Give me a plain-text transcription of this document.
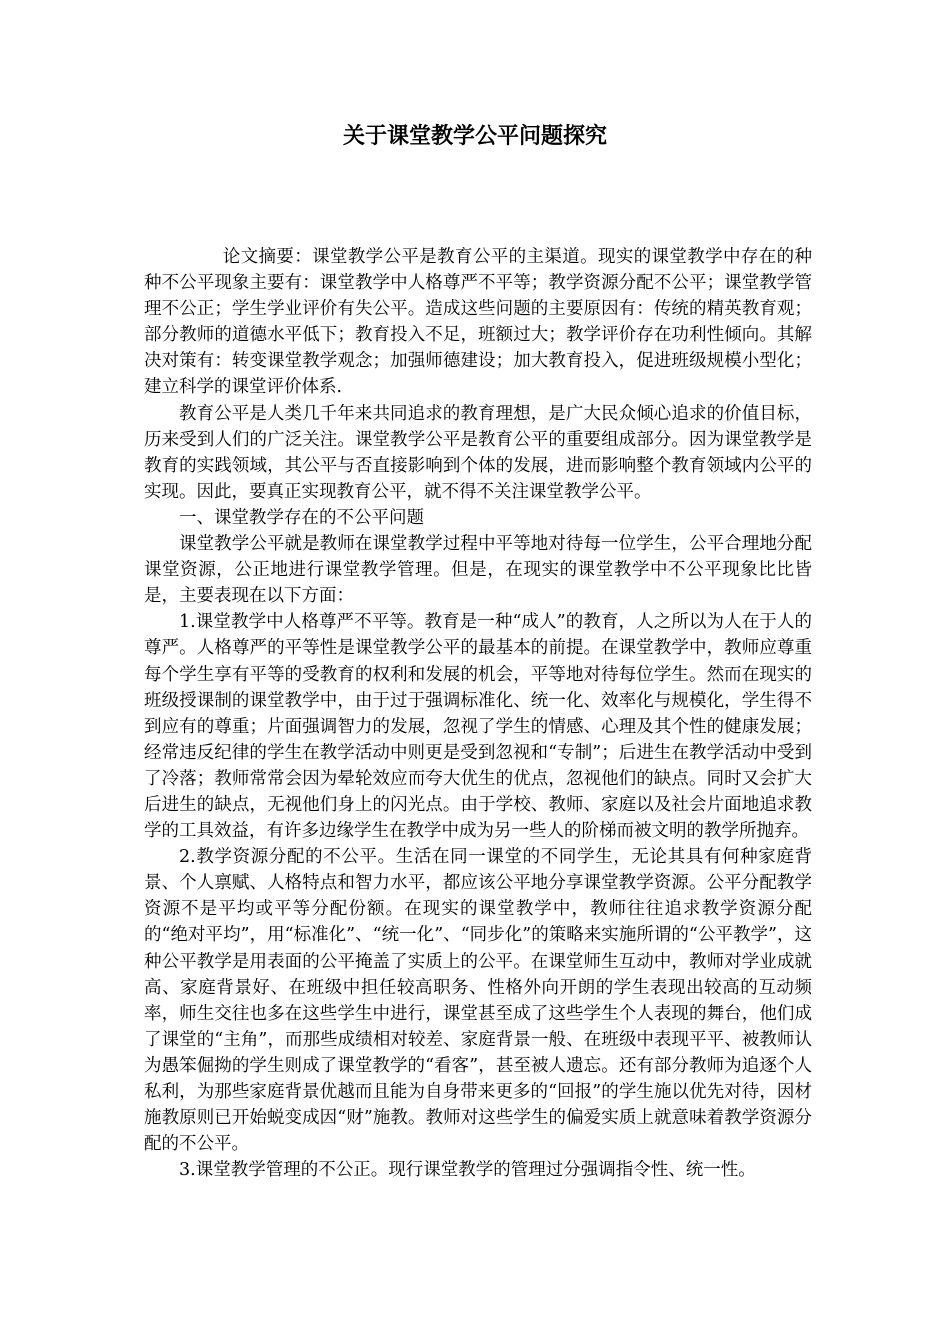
关于课堂教学公平问题探究

论文摘要：课堂教学公平是教育公平的主渠道。现实的课堂教学中存在的种种不公平现象主要有：课堂教学中人格尊严不平等；教学资源分配不公平；课堂教学管理不公正；学生学业评价有失公平。造成这些问题的主要原因有：传统的精英教育观；部分教师的道德水平低下；教育投入不足，班额过大；教学评价存在功利性倾向。其解决对策有：转变课堂教学观念；加强师德建设；加大教育投入，促进班级规模小型化；建立科学的课堂评价体系.

教育公平是人类几千年来共同追求的教育理想，是广大民众倾心追求的价值目标，历来受到人们的广泛关注。课堂教学公平是教育公平的重要组成部分。因为课堂教学是教育的实践领域，其公平与否直接影响到个体的发展，进而影响整个教育领域内公平的实现。因此，要真正实现教育公平，就不得不关注课堂教学公平。

一、课堂教学存在的不公平问题

课堂教学公平就是教师在课堂教学过程中平等地对待每一位学生，公平合理地分配课堂资源，公正地进行课堂教学管理。但是，在现实的课堂教学中不公平现象比比皆是，主要表现在以下方面：

1.课堂教学中人格尊严不平等。教育是一种“成人”的教育，人之所以为人在于人的尊严。人格尊严的平等性是课堂教学公平的最基本的前提。在课堂教学中，教师应尊重每个学生享有平等的受教育的权利和发展的机会，平等地对待每位学生。然而在现实的班级授课制的课堂教学中，由于过于强调标准化、统一化、效率化与规模化，学生得不到应有的尊重；片面强调智力的发展，忽视了学生的情感、心理及其个性的健康发展；经常违反纪律的学生在教学活动中则更是受到忽视和“专制”；后进生在教学活动中受到了冷落；教师常常会因为晕轮效应而夸大优生的优点，忽视他们的缺点。同时又会扩大后进生的缺点，无视他们身上的闪光点。由于学校、教师、家庭以及社会片面地追求教学的工具效益，有许多边缘学生在教学中成为另一些人的阶梯而被文明的教学所抛弃。

2.教学资源分配的不公平。生活在同一课堂的不同学生，无论其具有何种家庭背景、个人禀赋、人格特点和智力水平，都应该公平地分享课堂教学资源。公平分配教学资源不是平均或平等分配份额。在现实的课堂教学中，教师往往追求教学资源分配的“绝对平均”，用“标准化”、“统一化”、“同步化”的策略来实施所谓的“公平教学”，这种公平教学是用表面的公平掩盖了实质上的公平。在课堂师生互动中，教师对学业成就高、家庭背景好、在班级中担任较高职务、性格外向开朗的学生表现出较高的互动频率，师生交往也多在这些学生中进行，课堂甚至成了这些学生个人表现的舞台，他们成了课堂的“主角”，而那些成绩相对较差、家庭背景一般、在班级中表现平平、被教师认为愚笨倔拗的学生则成了课堂教学的“看客”，甚至被人遗忘。还有部分教师为追逐个人私利，为那些家庭背景优越而且能为自身带来更多的“回报”的学生施以优先对待，因材施教原则已开始蜕变成因“财”施教。教师对这些学生的偏爱实质上就意味着教学资源分配的不公平。

3.课堂教学管理的不公正。现行课堂教学的管理过分强调指令性、统一性。
